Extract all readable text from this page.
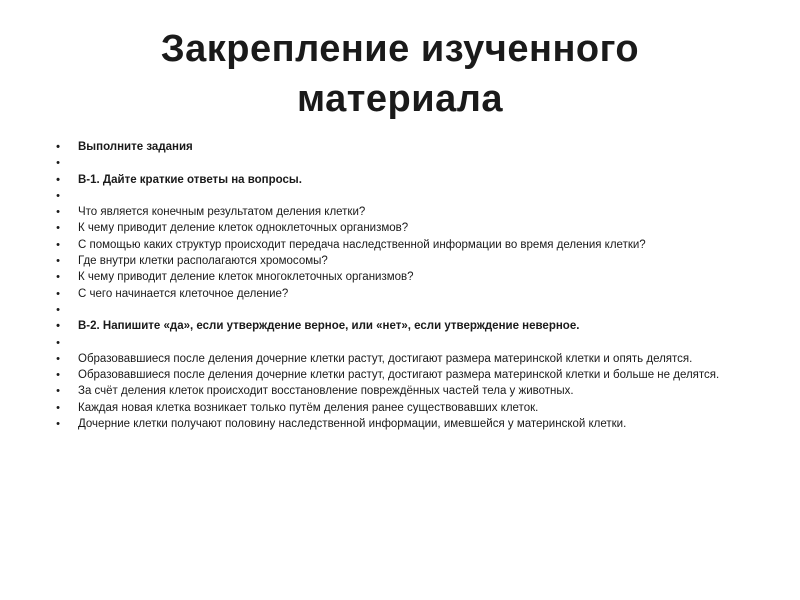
Закрепление изученного
материала
•	Выполните задания
•
•	В-1. Дайте краткие ответы на вопросы.
•
•	Что является конечным результатом деления клетки?
•	К чему приводит деление клеток одноклеточных организмов?
•	С помощью каких структур происходит передача наследственной информации во время деления клетки?
•	Где внутри клетки располагаются хромосомы?
•	К чему приводит деление клеток многоклеточных организмов?
•	С чего начинается клеточное деление?
•
•	В-2. Напишите «да», если утверждение верное, или «нет», если утверждение неверное.
•
•	Образовавшиеся после деления дочерние клетки растут, достигают размера материнской клетки и опять делятся.
•	Образовавшиеся после деления дочерние клетки растут, достигают размера материнской клетки и больше не делятся.
•	За счёт деления клеток происходит восстановление повреждённых частей тела у животных.
•	Каждая новая клетка возникает только путём деления ранее существовавших клеток.
•	Дочерние клетки получают половину наследственной информации, имевшейся у материнской клетки.
